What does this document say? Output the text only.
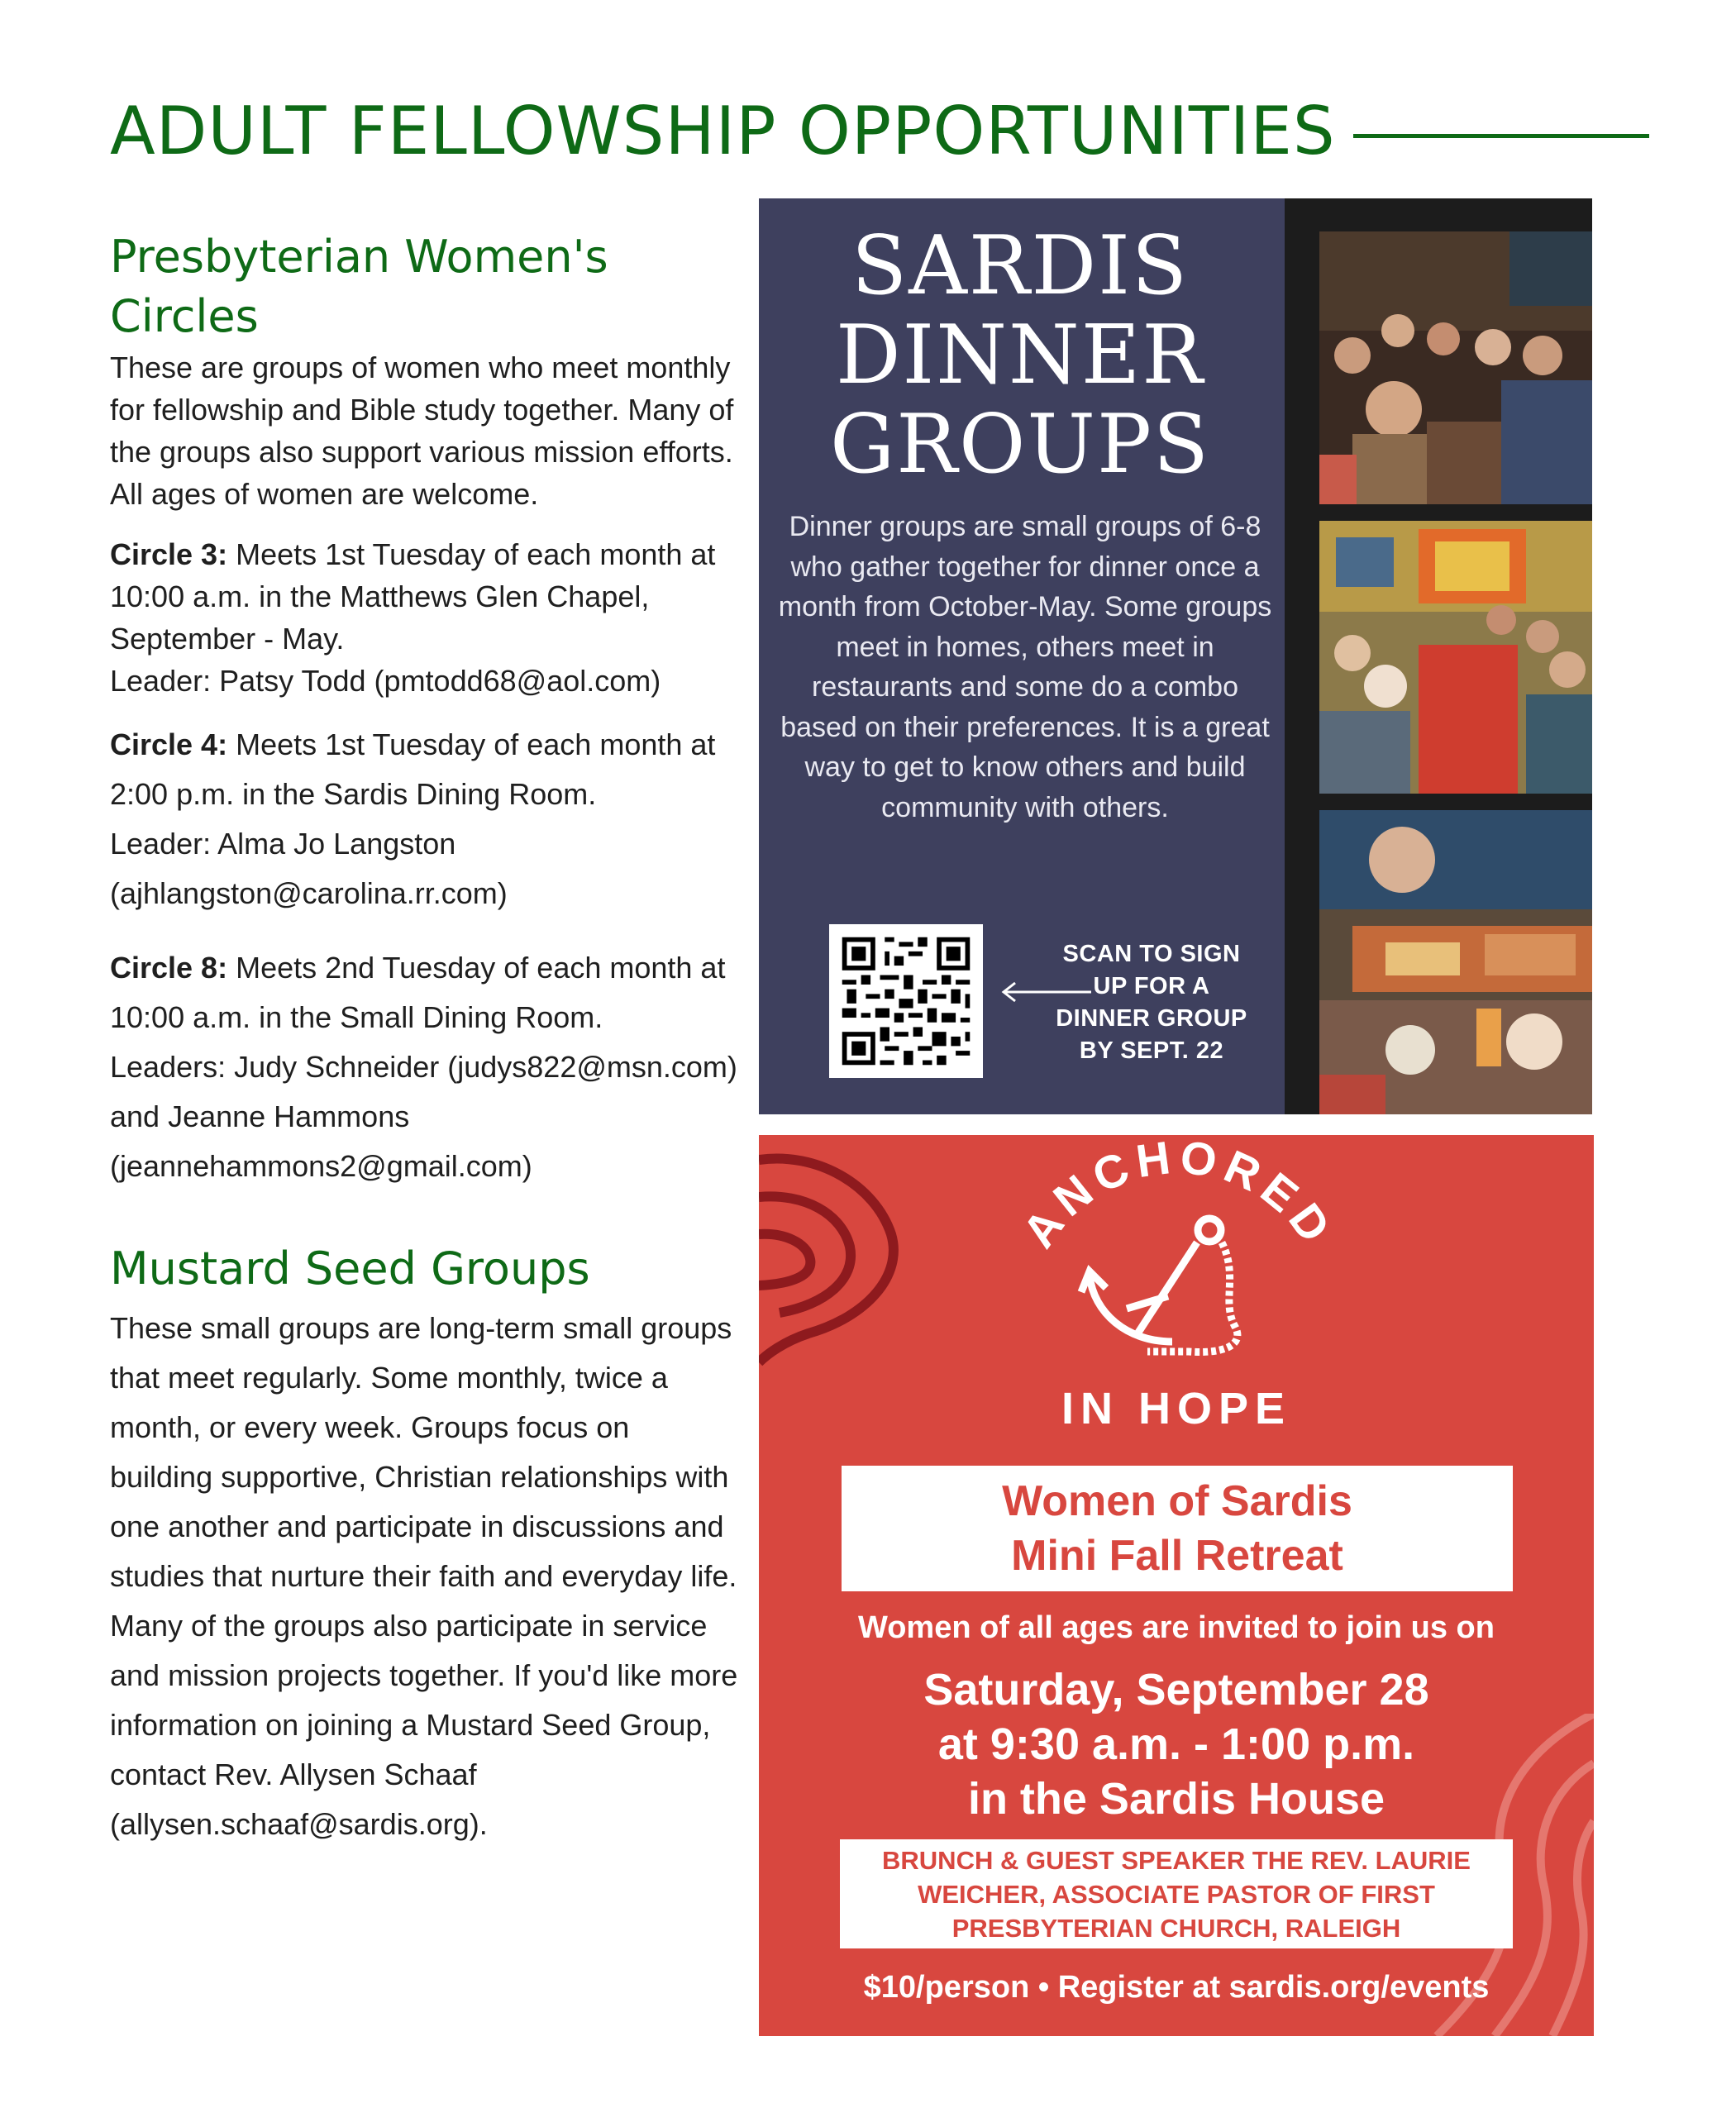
ADULT FELLOWSHIP OPPORTUNITIES
Presbyterian Women's
Circles

These are groups of women who meet monthly for fellowship and Bible study together. Many of the groups also support various mission efforts. All ages of women are welcome.

Circle 3: Meets 1st Tuesday of each month at 10:00 a.m. in the Matthews Glen Chapel, September - May.
Leader: Patsy Todd (pmtodd68@aol.com)

Circle 4: Meets 1st Tuesday of each month at 2:00 p.m. in the Sardis Dining Room.
Leader: Alma Jo Langston (ajhlangston@carolina.rr.com)

Circle 8: Meets 2nd Tuesday of each month at 10:00 a.m. in the Small Dining Room.
Leaders: Judy Schneider (judys822@msn.com) and Jeanne Hammons (jeannehammons2@gmail.com)

Mustard Seed Groups

These small groups are long-term small groups that meet regularly. Some monthly, twice a month, or every week. Groups focus on building supportive, Christian relationships with one another and participate in discussions and studies that nurture their faith and everyday life. Many of the groups also participate in service and mission projects together. If you'd like more information on joining a Mustard Seed Group, contact Rev. Allysen Schaaf (allysen.schaaf@sardis.org).

SARDIS
DINNER
GROUPS
Dinner groups are small groups of 6-8 who gather together for dinner once a month from October-May. Some groups meet in homes, others meet in restaurants and some do a combo based on their preferences. It is a great way to get to know others and build community with others.
SCAN TO SIGN
UP FOR A
DINNER GROUP
BY SEPT. 22
ANCHORED
IN HOPE
Women of Sardis
Mini Fall Retreat
Women of all ages are invited to join us on
Saturday, September 28
at 9:30 a.m. - 1:00 p.m.
in the Sardis House
BRUNCH & GUEST SPEAKER THE REV. LAURIE
WEICHER, ASSOCIATE PASTOR OF FIRST
PRESBYTERIAN CHURCH, RALEIGH
$10/person • Register at sardis.org/events
